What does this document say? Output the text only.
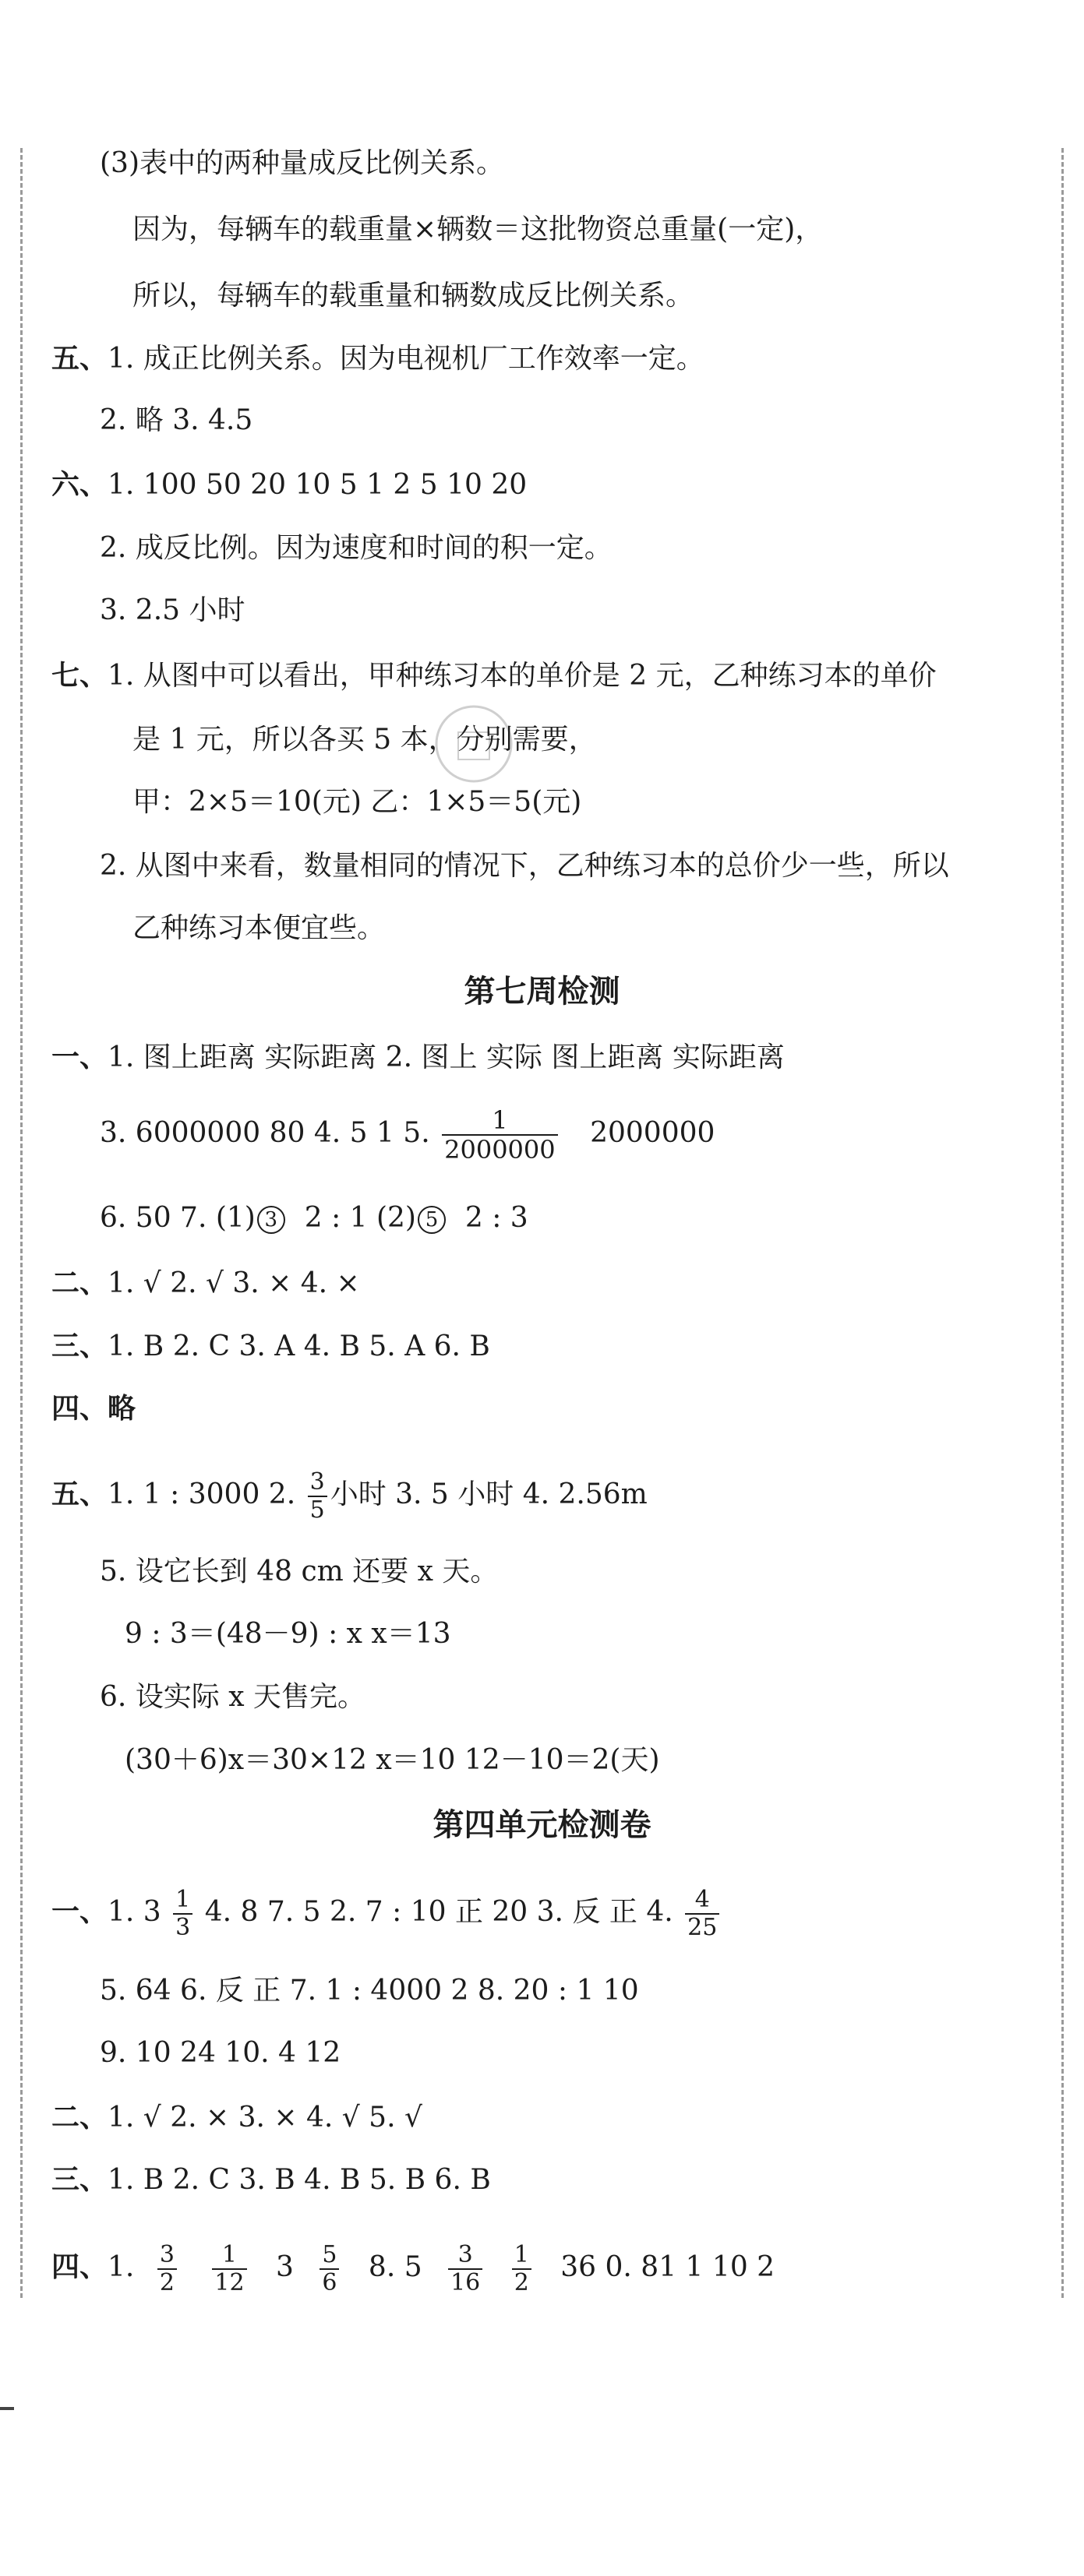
(3)表中的两种量成反比例关系。
因为，每辆车的载重量×辆数＝这批物资总重量(一定)，
所以，每辆车的载重量和辆数成反比例关系。
五、1. 成正比例关系。因为电视机厂工作效率一定。
2. 略 3. 4.5
六、1. 100 50 20 10 5 1 2 5 10 20
2. 成反比例。因为速度和时间的积一定。
3. 2.5 小时
七、1. 从图中可以看出，甲种练习本的单价是 2 元，乙种练习本的单价
是 1 元，所以各买 5 本，分别需要，
甲：2×5＝10(元) 乙：1×5＝5(元)
2. 从图中来看，数量相同的情况下，乙种练习本的总价少一些，所以
乙种练习本便宜些。
第七周检测
一、1. 图上距离 实际距离 2. 图上 实际 图上距离 实际距离
3. 6000000 80 4. 5 1 5. $\frac{1}{2000000} 2000000$
6. 50 7. (1) 3 2 : 1 (2) 5 2 : 3
二、1. √ 2. √ 3. × 4. ×
三、1. B 2. C 3. A 4. B 5. A 6. B
四、略
五、1. 1 : 3000 2. $\frac{3}{5}$ 小时 3. 5 小时 4. 2.56m
5. 设它长到 48 cm 还要 x 天。
9 : 3＝(48－9) : x x＝13
6. 设实际 x 天售完。
(30＋6)x＝30×12 x＝10 12－10＝2(天)
第四单元检测卷
一、1. $3 \frac{1}{3} 4$. 8 7. 5 2. 7 : 10 正 20 3. 反 正 4. $\frac{4}{25}$
5. 64 6. 反 正 7. 1 : 4000 2 8. 20 : 1 10
9. 10 24 10. 4 12
二、1. √ 2. × 3. × 4. √ 5. √
三、1. B 2. C 3. B 4. B 5. B 6. B
四、1. $\frac{3}{2}$
$\frac{1}{12} 3 \frac{5}{6} 8$. $5 \frac{3}{16}$
$\frac{1}{2} 36$ 0. 81 1 10 2
